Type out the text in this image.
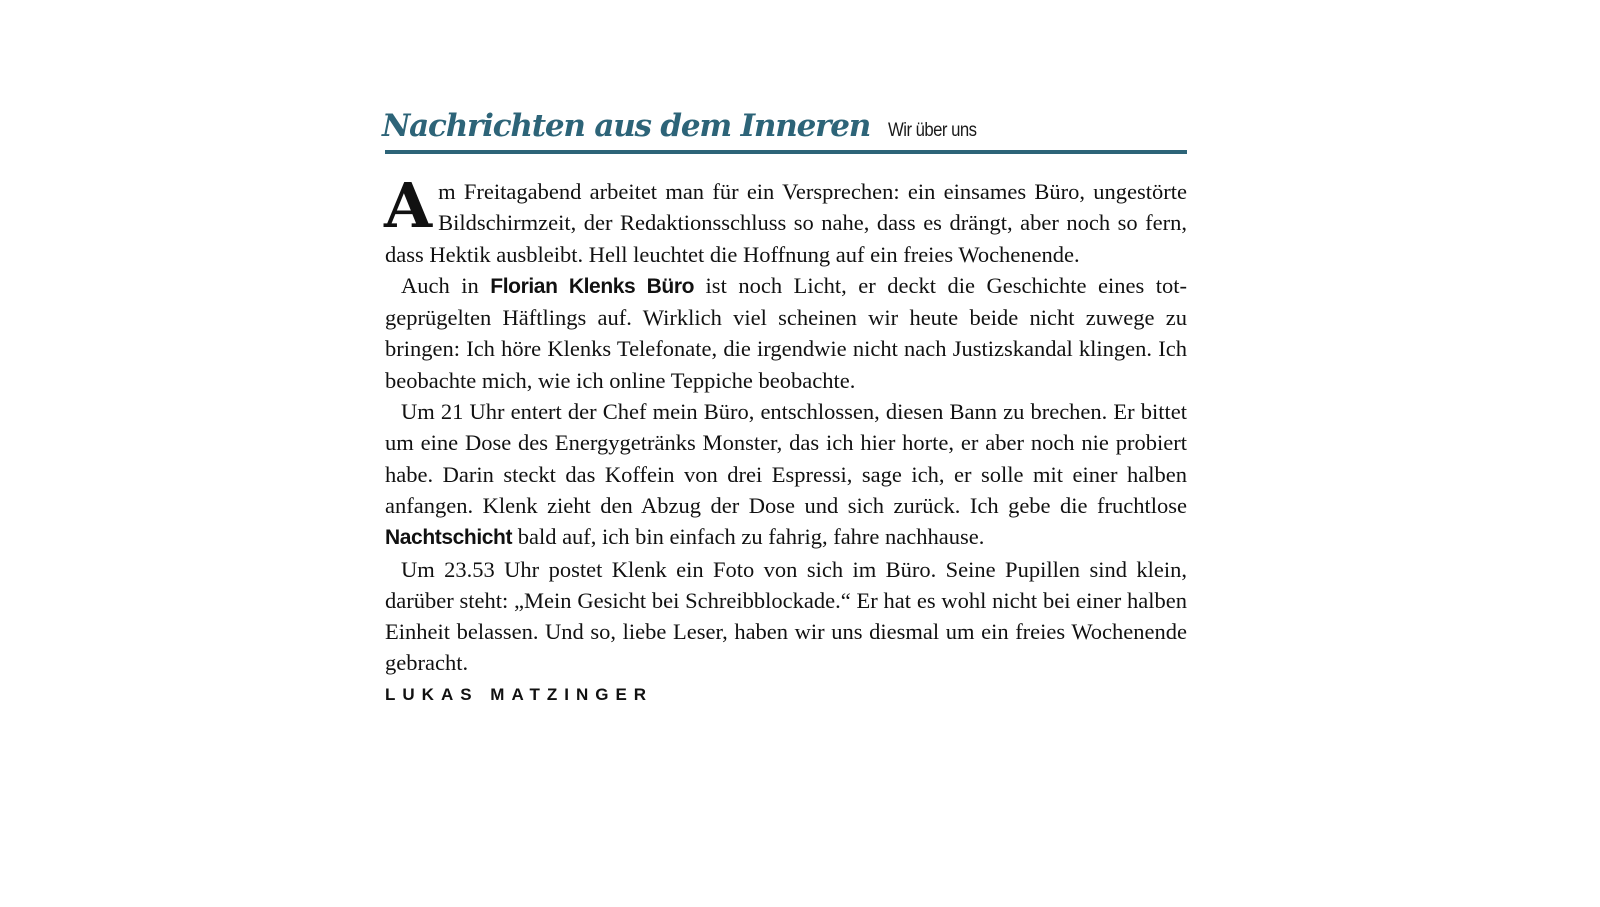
Nachrichten aus dem Inneren Wir über uns

Am Freitagabend arbeitet man für ein Versprechen: ein einsames Büro, ungestörte Bildschirmzeit, der Redaktionsschluss so nahe, dass es drängt, aber noch so fern, dass Hektik ausbleibt. Hell leuchtet die Hoffnung auf ein freies Wochenende.

Auch in Florian Klenks Büro ist noch Licht, er deckt die Geschichte eines totgeprügelten Häftlings auf. Wirklich viel scheinen wir heute beide nicht zuwege zu bringen: Ich höre Klenks Telefonate, die irgendwie nicht nach Justizskandal klingen. Ich beobachte mich, wie ich online Teppiche beobachte.

Um 21 Uhr entert der Chef mein Büro, entschlossen, diesen Bann zu brechen. Er bittet um eine Dose des Energygetränks Monster, das ich hier horte, er aber noch nie probiert habe. Darin steckt das Koffein von drei Espressi, sage ich, er solle mit einer halben anfangen. Klenk zieht den Abzug der Dose und sich zurück. Ich gebe die fruchtlose Nachtschicht bald auf, ich bin einfach zu fahrig, fahre nachhause.

Um 23.53 Uhr postet Klenk ein Foto von sich im Büro. Seine Pupillen sind klein, darüber steht: „Mein Gesicht bei Schreibblockade.“ Er hat es wohl nicht bei einer halben Einheit belassen. Und so, liebe Leser, haben wir uns diesmal um ein freies Wochenende gebracht.

LUKAS MATZINGER
